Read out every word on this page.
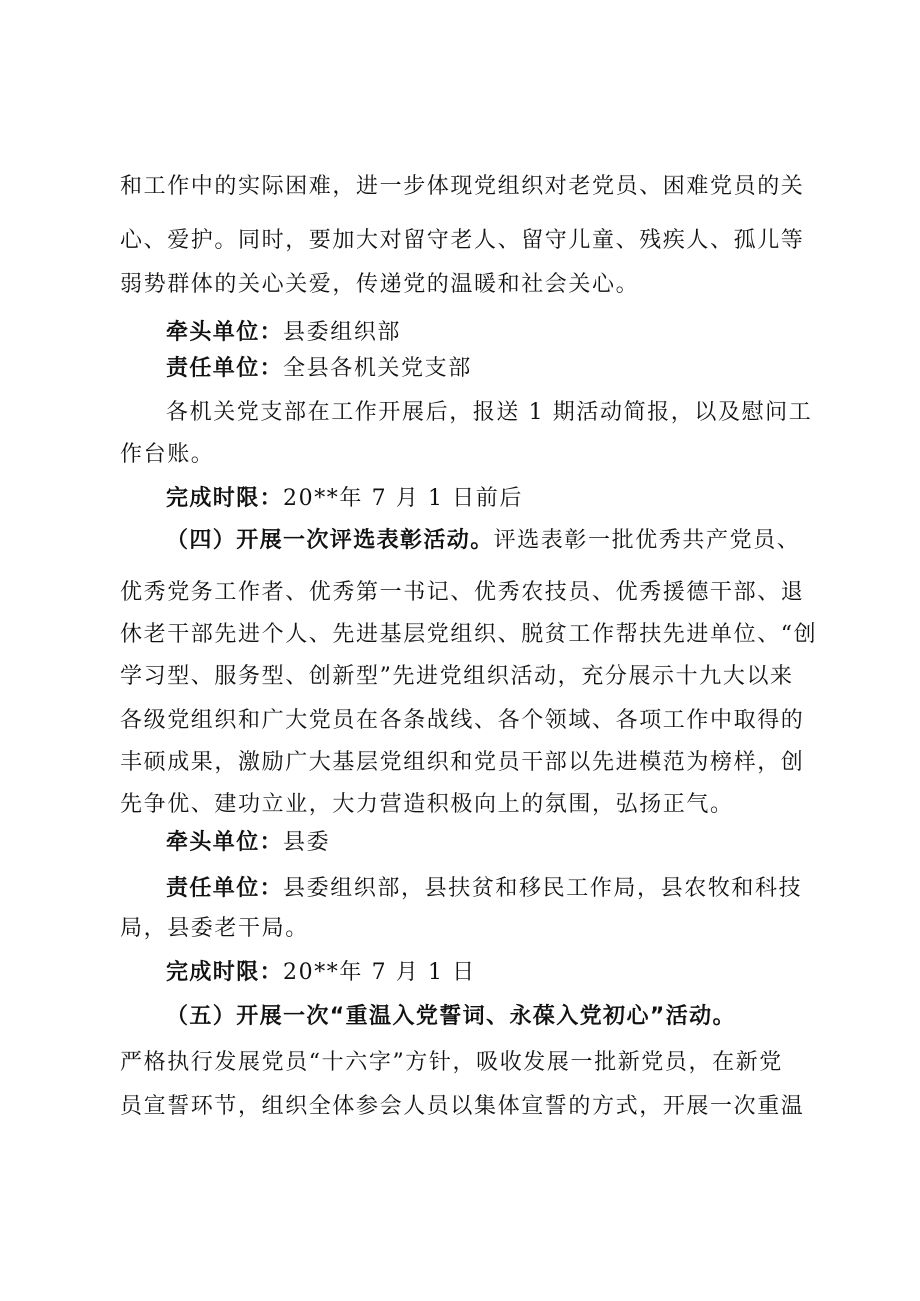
和工作中的实际困难，进一步体现党组织对老党员、困难党员的关
心、爱护。同时，要加大对留守老人、留守儿童、残疾人、孤儿等
弱势群体的关心关爱，传递党的温暖和社会关心。
牵头单位：县委组织部
责任单位：全县各机关党支部
各机关党支部在工作开展后，报送 1 期活动简报，以及慰问工
作台账。
完成时限：20**年 7 月 1 日前后
（四）开展一次评选表彰活动。评选表彰一批优秀共产党员、
优秀党务工作者、优秀第一书记、优秀农技员、优秀援德干部、退
休老干部先进个人、先进基层党组织、脱贫工作帮扶先进单位、“创
学习型、服务型、创新型”先进党组织活动，充分展示十九大以来
各级党组织和广大党员在各条战线、各个领域、各项工作中取得的
丰硕成果，激励广大基层党组织和党员干部以先进模范为榜样，创
先争优、建功立业，大力营造积极向上的氛围，弘扬正气。
牵头单位：县委
责任单位：县委组织部，县扶贫和移民工作局，县农牧和科技
局，县委老干局。
完成时限：20**年 7 月 1 日
（五）开展一次“重温入党誓词、永葆入党初心”活动。
严格执行发展党员“十六字”方针，吸收发展一批新党员，在新党
员宣誓环节，组织全体参会人员以集体宣誓的方式，开展一次重温
